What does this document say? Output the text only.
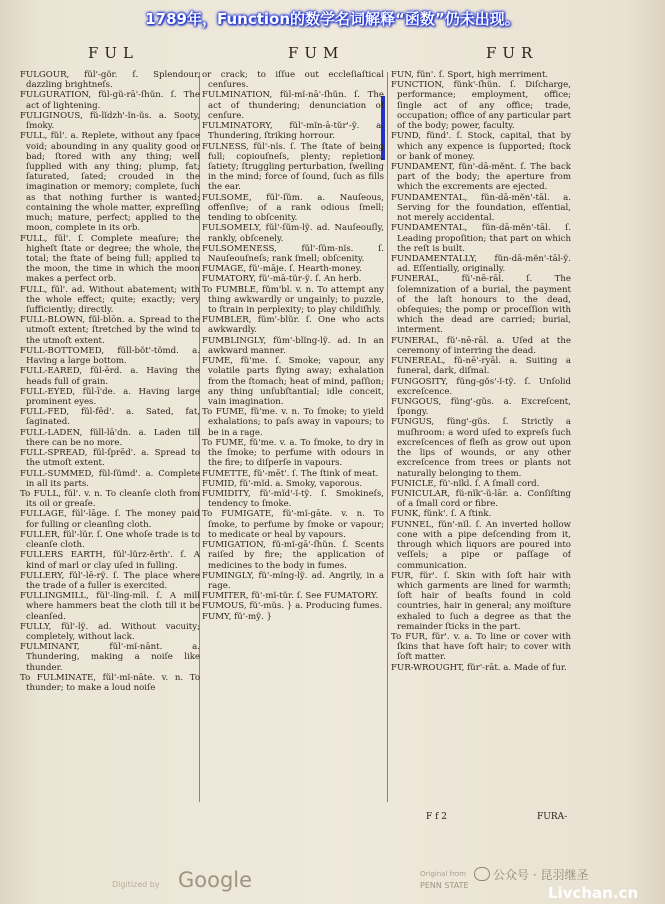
1789年，Function的数学名词解释“函数”仍未出现。
FUL	FUM	FUR

FULGOUR, fŭl'-gŏr. ſ. Splendour, dazzling brightneſs.

FULGURATION, fŭl-gŭ-rā'-ſhŭn. ſ. The act of lightening.

FULIGINOUS, fŭ-lĭdzh'-ĭn-ŭs. a. Sooty, ſmoky.

FULL, fŭl'. a. Replete, without any ſpace void; abounding in any quality good or bad; ſtored with any thing; well ſupplied with any thing; plump, fat; ſaturated, ſated; crouded in the imagination or memory; complete, ſuch as that nothing further is wanted; containing the whole matter, expreſſing much; mature, perfect; applied to the moon, complete in its orb.

FULL, fŭl'. ſ. Complete meaſure; the higheſt ſtate or degree; the whole, the total; the ſtate of being full; applied to the moon, the time in which the moon makes a perfect orb.

FULL, fŭl'. ad. Without abatement; with the whole effect; quite; exactly; very ſufficiently; directly.

FULL-BLOWN, fŭl-blōn. a. Spread to the utmoſt extent; ſtretched by the wind to the utmoſt extent.

FULL-BOTTOMED, fŭll-bŏt'-tŏmd. a. Having a large bottom.

FULL-EARED, fŭl-ērd. a. Having the heads full of grain.

FULL-EYED, fŭl-ī'de. a. Having large prominent eyes.

FULL-FED, fŭl-fēd'. a. Sated, fat, ſaginated.

FULL-LADEN, fŭll-lā'dn. a. Laden till there can be no more.

FULL-SPREAD, fŭl-ſprēd'. a. Spread to the utmoſt extent.

FULL-SUMMED, fŭl-ſŭmd'. a. Complete in all its parts.

To FULL, fŭl'. v. n. To cleanſe cloth from its oil or greaſe.

FULLAGE, fŭl'-lāge. ſ. The money paid for fulling or cleanſing cloth.

FULLER, fŭl'-lŭr. ſ. One whoſe trade is to cleanſe cloth.

FULLERS EARTH, fŭl'-lŭrz-ĕrth'. ſ. A kind of marl or clay uſed in fulling.

FULLERY, fŭl'-lē-rỹ. ſ. The place where the trade of a fuller is exercited.

FULLINGMILL, fŭl'-lĭng-mĭl. ſ. A mill where hammers beat the cloth till it be cleanſed.

FULLY, fŭl'-lỹ. ad. Without vacuity; completely, without lack.

FULMINANT, fŭl'-mĭ-nānt. a. Thundering, making a noiſe like thunder.

To FULMINATE, fŭl'-mĭ-nāte. v. n. To thunder; to make a loud noiſe

or crack; to iſſue out eccleſiaſtical cenſures.

FULMINATION, fŭl-mĭ-nā'-ſhŭn. ſ. The act of thundering; denunciation of cenſure.

FULMINATORY, fŭl'-mĭn-ā-tŭr'-ỹ. a. Thundering, ſtriking horrour.

FULNESS, fŭl'-nĭs. ſ. The ſtate of being full; copiouſneſs, plenty; repletion, ſatiety; ſtruggling perturbation, ſwelling in the mind; force of ſound, ſuch as fills the ear.

FULSOME, fŭl'-ſŭm. a. Nauſeous, offenſive; of a rank odious ſmell; tending to obſcenity.

FULSOMELY, fŭl'-ſŭm-lỹ. ad. Nauſeouſly, rankly, obſcenely.

FULSOMENESS, fŭl'-ſŭm-nĭs. ſ. Nauſeouſneſs; rank ſmell; obſcenity.

FUMAGE, fŭ'-māje. ſ. Hearth-money.

FUMATORY, fŭ'-mā-tŭr-ỹ. ſ. An herb.

To FUMBLE, fŭm'bl. v. n. To attempt any thing awkwardly or ungainly; to puzzle, to ſtrain in perplexity; to play childiſhly.

FUMBLER, fŭm'-blŭr. ſ. One who acts awkwardly.

FUMBLINGLY, fŭm'-blĭng-lỹ. ad. In an awkward manner.

FUME, fŭ'me. ſ. Smoke; vapour, any volatile parts flying away; exhalation from the ſtomach; heat of mind, paſſion; any thing unſubſtantial; idle conceit, vain imagination.

To FUME, fŭ'me. v. n. To ſmoke; to yield exhalations; to paſs away in vapours; to be in a rage.

To FUME, fŭ'me. v. a. To ſmoke, to dry in the ſmoke; to perfume with odours in the fire; to diſperſe in vapours.

FUMETTE, fŭ'-mēt'. ſ. The ſtink of meat.

FUMID, fŭ'-mĭd. a. Smoky, vaporous.

FUMIDITY, fŭ'-mĭd'-ĭ-tỹ. ſ. Smokineſs, tendency to ſmoke.

To FUMIGATE, fŭ'-mĭ-gāte. v. n. To ſmoke, to perfume by ſmoke or vapour; to medicate or heal by vapours.

FUMIGATION, fŭ-mĭ-gā'-ſhŭn. ſ. Scents raiſed by fire; the application of medicines to the body in fumes.

FUMINGLY, fŭ'-mĭng-lỹ. ad. Angrily, in a rage.

FUMITER, fŭ'-mĭ-tŭr. ſ. See FUMATORY.

FUMOUS, fŭ'-mŭs. } a. Producing fumes.

FUMY, fŭ'-mỹ. }

FUN, fŭn'. ſ. Sport, high merriment.

FUNCTION, fŭnk'-ſhŭn. ſ. Diſcharge, performance; employment, office; ſingle act of any office; trade, occupation; office of any particular part of the body; power, faculty.

FUND, fŭnd'. ſ. Stock, capital, that by which any expence is ſupported; ſtock or bank of money.

FUNDAMENT, fŭn'-dā-mĕnt. ſ. The back part of the body; the aperture from which the excrements are ejected.

FUNDAMENTAL, fŭn-dā-mĕn'-tāl. a. Serving for the foundation, eſſential, not merely accidental.

FUNDAMENTAL, fŭn-dā-mĕn'-tāl. ſ. Leading propoſition; that part on which the reſt is built.

FUNDAMENTALLY, fŭn-dā-mĕn'-tāl-ỹ. ad. Eſſentially, originally.

FUNERAL, fŭ'-nē-rāl. ſ. The ſolemnization of a burial, the payment of the laſt honours to the dead, obſequies; the pomp or proceſſion with which the dead are carried; burial, interment.

FUNERAL, fŭ'-nē-rāl. a. Uſed at the ceremony of interring the dead.

FUNEREAL, fŭ-nē'-ryāl. a. Suiting a funeral, dark, diſmal.

FUNGOSITY, fŭng-gŏs'-ĭ-tỹ. ſ. Unſolid excreſcence.

FUNGOUS, fŭng'-gŭs. a. Excreſcent, ſpongy.

FUNGUS, fŭng'-gŭs. ſ. Strictly a muſhroom: a word uſed to expreſs ſuch excreſcences of fleſh as grow out upon the lips of wounds, or any other excreſcence from trees or plants not naturally belonging to them.

FUNICLE, fŭ'-nĭkl. ſ. A ſmall cord.

FUNICULAR, fŭ-nĭk'-ŭ-lār. a. Conſiſting of a ſmall cord or fibre.

FUNK, fŭnk'. ſ. A ſtink.

FUNNEL, fŭn'-nĭl. ſ. An inverted hollow cone with a pipe deſcending from it, through which liquors are poured into veſſels; a pipe or paſſage of communication.

FUR, fŭr'. ſ. Skin with ſoft hair with which garments are lined for warmth; ſoft hair of beaſts found in cold countries, hair in general; any moiſture exhaled to ſuch a degree as that the remainder ſticks in the part.

To FUR, fŭr'. v. a. To line or cover with ſkins that have ſoft hair; to cover with ſoft matter.

FUR-WROUGHT, fŭr'-rāt. a. Made of fur.

F f 2	FURA-
Digitized by Google	Original from
PENN STATE
公众号 · 昆羽继圣
Livchan.cn
